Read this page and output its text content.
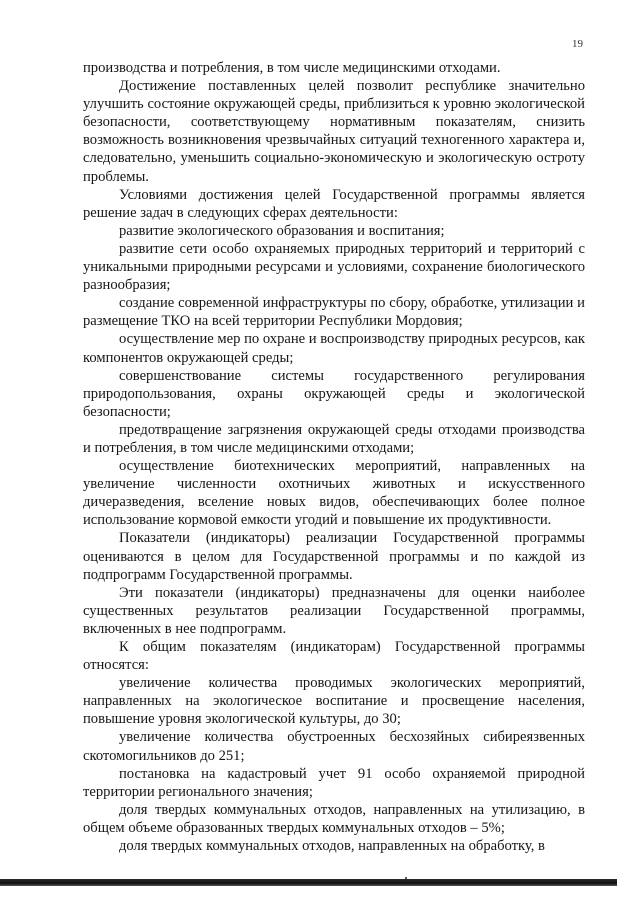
19

производства и потребления, в том числе медицинскими отходами.

Достижение поставленных целей позволит республике значительно улучшить состояние окружающей среды, приблизиться к уровню экологической безопасности, соответствующему нормативным показателям, снизить возможность возникновения чрезвычайных ситуаций техногенного характера и, следовательно, уменьшить социально-экономическую и экологическую остроту проблемы.

Условиями достижения целей Государственной программы является решение задач в следующих сферах деятельности:

развитие экологического образования и воспитания;

развитие сети особо охраняемых природных территорий и территорий с уникальными природными ресурсами и условиями, сохранение биологического разнообразия;

создание современной инфраструктуры по сбору, обработке, утилизации и размещение ТКО на всей территории Республики Мордовия;

осуществление мер по охране и воспроизводству природных ресурсов, как компонентов окружающей среды;

совершенствование системы государственного регулирования природопользования, охраны окружающей среды и экологической безопасности;

предотвращение загрязнения окружающей среды отходами производства и потребления, в том числе медицинскими отходами;

осуществление биотехнических мероприятий, направленных на увеличение численности охотничьих животных и искусственного дичеразведения, вселение новых видов, обеспечивающих более полное использование кормовой емкости угодий и повышение их продуктивности.

Показатели (индикаторы) реализации Государственной программы оцениваются в целом для Государственной программы и по каждой из подпрограмм Государственной программы.

Эти показатели (индикаторы) предназначены для оценки наиболее существенных результатов реализации Государственной программы, включенных в нее подпрограмм.

К общим показателям (индикаторам) Государственной программы относятся:

увеличение количества проводимых экологических мероприятий, направленных на экологическое воспитание и просвещение населения, повышение уровня экологической культуры, до 30;

увеличение количества обустроенных бесхозяйных сибиреязвенных скотомогильников до 251;

постановка на кадастровый учет 91 особо охраняемой природной территории регионального значения;

доля твердых коммунальных отходов, направленных на утилизацию, в общем объеме образованных твердых коммунальных отходов – 5%;

доля твердых коммунальных отходов, направленных на обработку, в
